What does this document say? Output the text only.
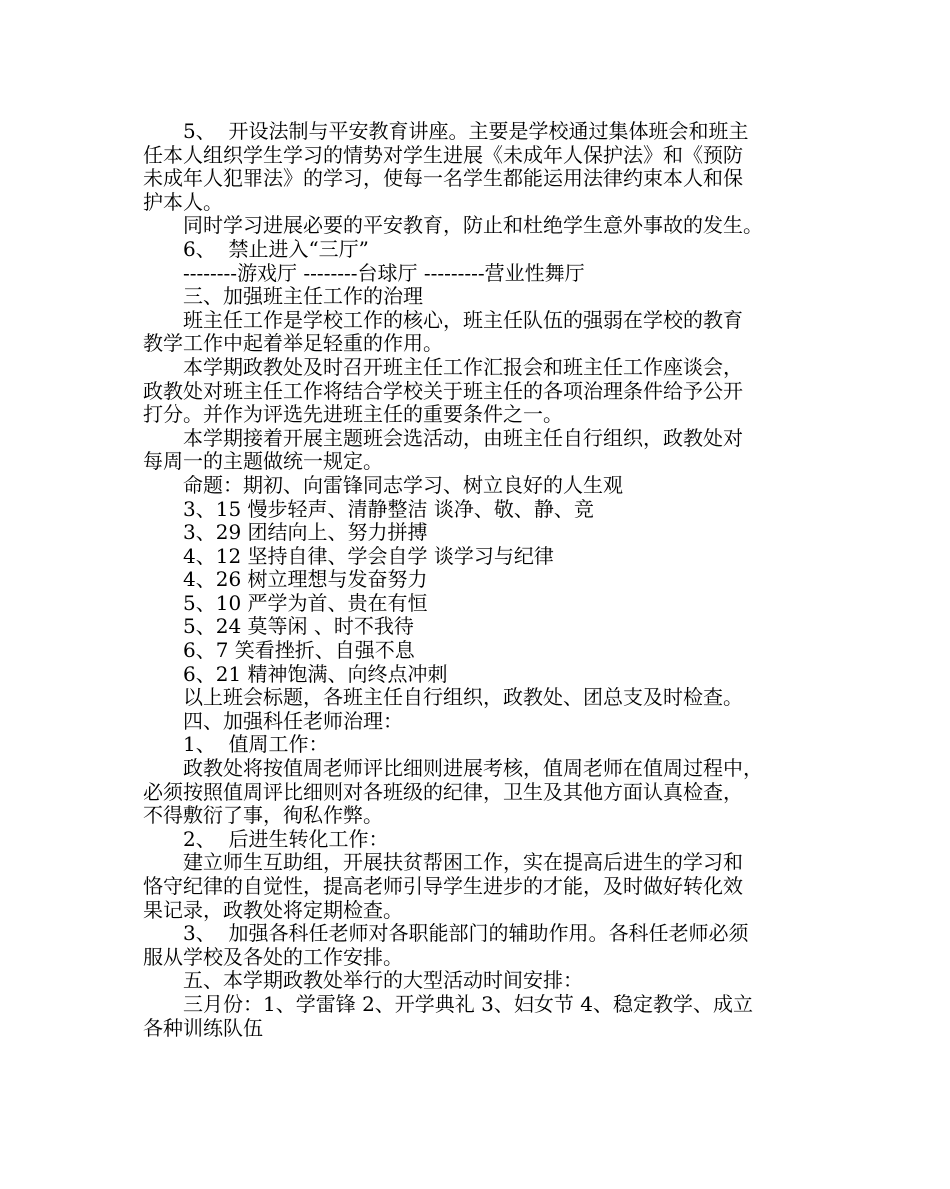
5、  开设法制与平安教育讲座。主要是学校通过集体班会和班主
任本人组织学生学习的情势对学生进展《未成年人保护法》和《预防
未成年人犯罪法》的学习，使每一名学生都能运用法律约束本人和保
护本人。
同时学习进展必要的平安教育，防止和杜绝学生意外事故的发生。
6、  禁止进入“三厅”
--------游戏厅 --------台球厅 ---------营业性舞厅
三、加强班主任工作的治理
班主任工作是学校工作的核心，班主任队伍的强弱在学校的教育
教学工作中起着举足轻重的作用。
本学期政教处及时召开班主任工作汇报会和班主任工作座谈会，
政教处对班主任工作将结合学校关于班主任的各项治理条件给予公开
打分。并作为评选先进班主任的重要条件之一。
本学期接着开展主题班会选活动，由班主任自行组织，政教处对
每周一的主题做统一规定。
命题：期初、向雷锋同志学习、树立良好的人生观
3、15 慢步轻声、清静整洁 谈净、敬、静、竞
3、29 团结向上、努力拼搏
4、12 坚持自律、学会自学 谈学习与纪律
4、26 树立理想与发奋努力
5、10 严学为首、贵在有恒
5、24 莫等闲 、时不我待
6、7 笑看挫折、自强不息
6、21 精神饱满、向终点冲刺
以上班会标题，各班主任自行组织，政教处、团总支及时检查。
四、加强科任老师治理：
1、  值周工作：
政教处将按值周老师评比细则进展考核，值周老师在值周过程中，
必须按照值周评比细则对各班级的纪律，卫生及其他方面认真检查，
不得敷衍了事，徇私作弊。
2、  后进生转化工作：
建立师生互助组，开展扶贫帮困工作，实在提高后进生的学习和
恪守纪律的自觉性，提高老师引导学生进步的才能，及时做好转化效
果记录，政教处将定期检查。
3、  加强各科任老师对各职能部门的辅助作用。各科任老师必须
服从学校及各处的工作安排。
五、本学期政教处举行的大型活动时间安排：
三月份：1、学雷锋 2、开学典礼 3、妇女节 4、稳定教学、成立
各种训练队伍
